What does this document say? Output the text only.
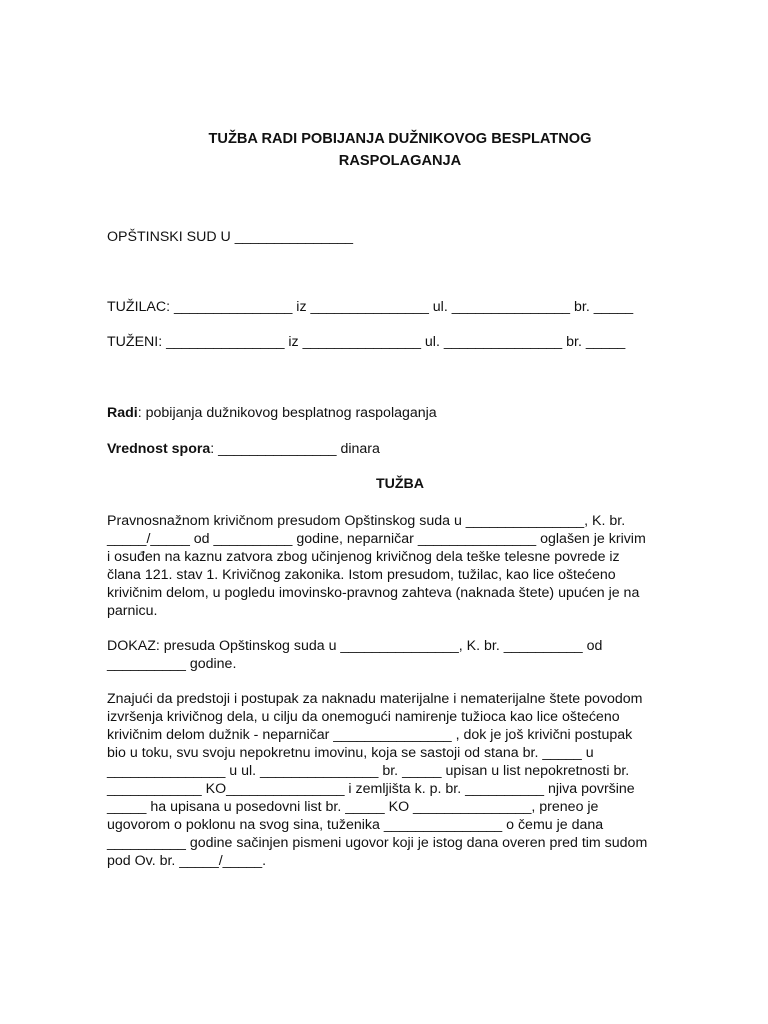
TUŽBA RADI POBIJANJA DUŽNIKOVOG BESPLATNOG
RASPOLAGANJA
OPŠTINSKI SUD U _______________
TUŽILAC: _______________ iz _______________ ul. _______________ br. _____
TUŽENI: _______________ iz _______________ ul. _______________ br. _____
Radi: pobijanja dužnikovog besplatnog raspolaganja
Vrednost spora: _______________ dinara
TUŽBA
Pravnosnažnom krivičnom presudom Opštinskog suda u _______________, K. br.
_____/_____ od __________ godine, neparničar _______________ oglašen je krivim
i osuđen na kaznu zatvora zbog učinjenog krivičnog dela teške telesne povrede iz
člana 121. stav 1. Krivičnog zakonika. Istom presudom, tužilac, kao lice oštećeno
krivičnim delom, u pogledu imovinsko-pravnog zahteva (naknada štete) upućen je na
parnicu.
DOKAZ: presuda Opštinskog suda u _______________, K. br. __________ od
__________ godine.
Znajući da predstoji i postupak za naknadu materijalne i nematerijalne štete povodom
izvršenja krivičnog dela, u cilju da onemogući namirenje tužioca kao lice oštećeno
krivičnim delom dužnik - neparničar _______________ , dok je još krivični postupak
bio u toku, svu svoju nepokretnu imovinu, koja se sastoji od stana br. _____ u
_______________ u ul. _______________ br. _____ upisan u list nepokretnosti br.
____________ KO_______________ i zemljišta k. p. br. __________ njiva površine
_____ ha upisana u posedovni list br. _____ KO _______________, preneo je
ugovorom o poklonu na svog sina, tuženika _______________ o čemu je dana
__________ godine sačinjen pismeni ugovor koji je istog dana overen pred tim sudom
pod Ov. br. _____/_____.
